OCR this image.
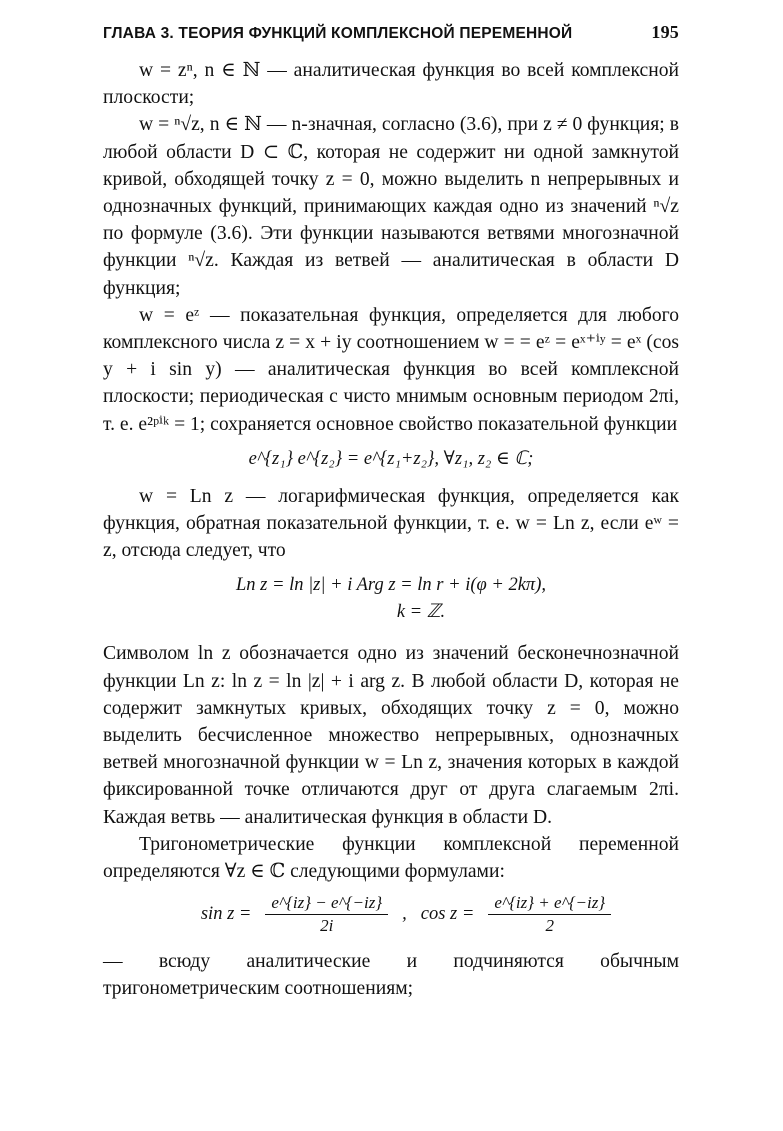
ГЛАВА 3. ТЕОРИЯ ФУНКЦИЙ КОМПЛЕКСНОЙ ПЕРЕМЕННОЙ	195

w = zⁿ, n ∈ ℕ — аналитическая функция во всей комплексной плоскости;

w = ⁿ√z, n ∈ ℕ — n-значная, согласно (3.6), при z ≠ 0 функция; в любой области D ⊂ ℂ, которая не содержит ни одной замкнутой кривой, обходящей точку z = 0, можно выделить n непрерывных и однозначных функций, принимающих каждая одно из значений ⁿ√z по формуле (3.6). Эти функции называются ветвями многозначной функции ⁿ√z. Каждая из ветвей — аналитическая в области D функция;

w = eᶻ — показательная функция, определяется для любого комплексного числа z = x + iy соотношением w = = eᶻ = eˣ⁺ⁱʸ = eˣ (cos y + i sin y) — аналитическая функция во всей комплексной плоскости; периодическая с чисто мнимым основным периодом 2πi, т. е. e²ᵖⁱᵏ = 1; сохраняется основное свойство показательной функции

e^{z₁} e^{z₂} = e^{z₁+z₂}, ∀z₁, z₂ ∈ ℂ;

w = Ln z — логарифмическая функция, определяется как функция, обратная показательной функции, т. е. w = Ln z, если eʷ = z, отсюда следует, что

Ln z = ln |z| + i Arg z = ln r + i(φ + 2kπ),
k = ℤ.

Символом ln z обозначается одно из значений бесконечнозначной функции Ln z: ln z = ln |z| + i arg z. В любой области D, которая не содержит замкнутых кривых, обходящих точку z = 0, можно выделить бесчисленное множество непрерывных, однозначных ветвей многозначной функции w = Ln z, значения которых в каждой фиксированной точке отличаются друг от друга слагаемым 2πi. Каждая ветвь — аналитическая функция в области D.

Тригонометрические функции комплексной переменной определяются ∀z ∈ ℂ следующими формулами:

$\sin z = \frac{e\^{}\{iz\} - e\^{}\{-iz\}}{2i}$ , $\cos z = \frac{e\^{}\{iz\} + e\^{}\{-iz\}}{2}$

— всюду аналитические и подчиняются обычным тригонометрическим соотношениям;
